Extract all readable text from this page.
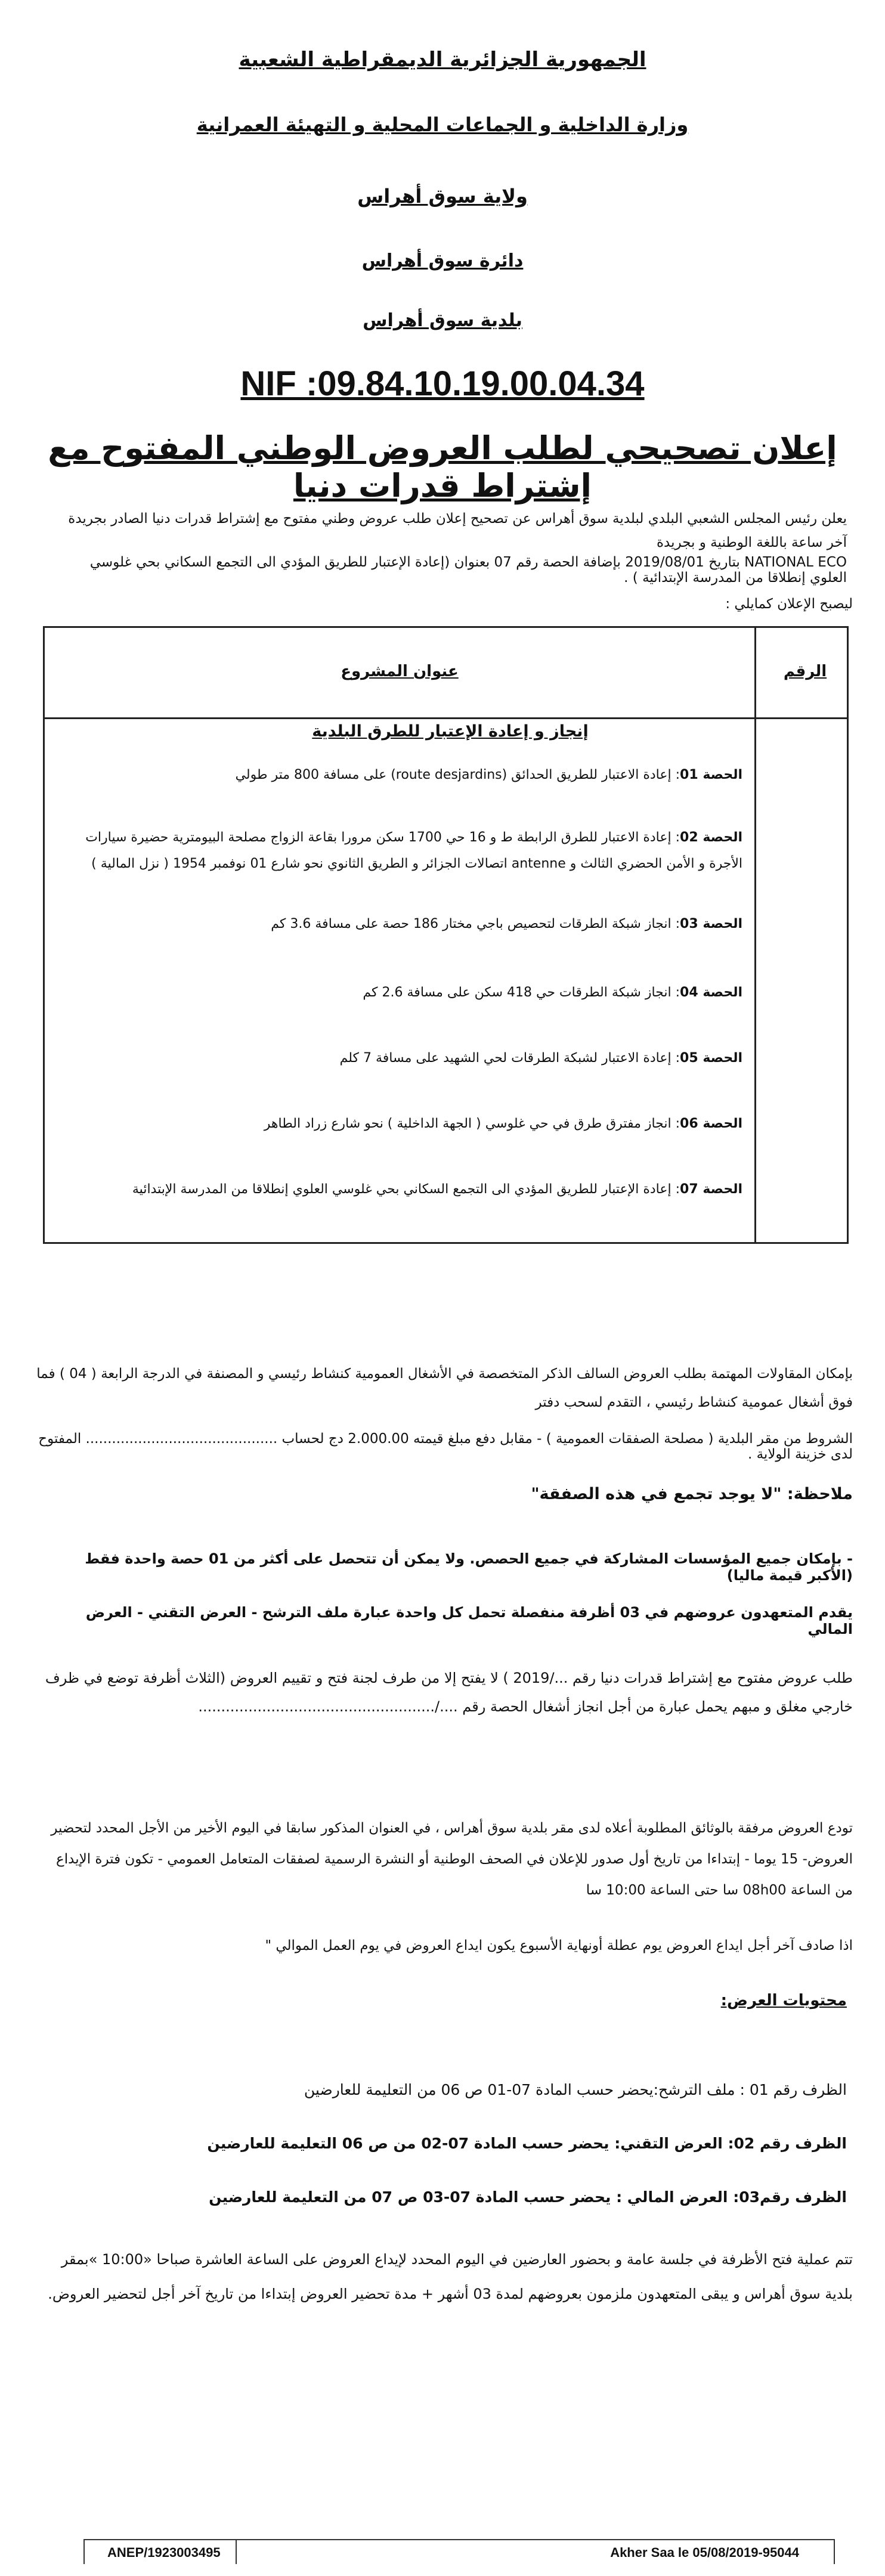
الجمهورية الجزائرية الديمقراطية الشعبية
وزارة الداخلية و الجماعات المحلية و التهيئة العمرانية
ولاية سوق أهراس
دائرة سوق أهراس
بلدية سوق أهراس
NIF :09.84.10.19.00.04.34
إعلان تصحيحي لطلب العروض الوطني المفتوح مع إشتراط قدرات دنيا
يعلن رئيس المجلس الشعبي البلدي لبلدية سوق أهراس عن تصحيح إعلان طلب عروض وطني مفتوح مع إشتراط قدرات دنيا الصادر بجريدة آخر ساعة باللغة الوطنية و بجريدة
NATIONAL ECO بتاريخ 2019/08/01 بإضافة الحصة رقم 07 بعنوان (إعادة الإعتبار للطريق المؤدي الى التجمع السكاني بحي غلوسي العلوي إنطلاقا من المدرسة الإبتدائية ) .
ليصبح الإعلان كمايلي :
الرقم
عنوان المشروع
إنجاز و إعادة الإعتبار للطرق البلدية
الحصة 01: إعادة الاعتبار للطريق الحدائق (route desjardins) على مسافة 800 متر طولي
الحصة 02: إعادة الاعتبار للطرق الرابطة ط و 16 حي 1700 سكن مرورا بقاعة الزواج مصلحة البيومترية حضيرة سيارات الأجرة و الأمن الحضري الثالث و antenne اتصالات الجزائر و الطريق الثانوي نحو شارع 01 نوفمبر 1954 ( نزل المالية )
الحصة 03: انجاز شبكة الطرقات لتحصيص باجي مختار 186 حصة على مسافة 3.6 كم
الحصة 04: انجاز شبكة الطرقات حي 418 سكن على مسافة 2.6 كم
الحصة 05: إعادة الاعتبار لشبكة الطرقات لحي الشهيد على مسافة 7 كلم
الحصة 06: انجاز مفترق طرق في حي غلوسي ( الجهة الداخلية ) نحو شارع زراد الطاهر
الحصة 07: إعادة الإعتبار للطريق المؤدي الى التجمع السكاني بحي غلوسي العلوي إنطلاقا من المدرسة الإبتدائية
بإمكان المقاولات المهتمة بطلب العروض السالف الذكر المتخصصة في الأشغال العمومية كنشاط رئيسي و المصنفة في الدرجة الرابعة ( 04 ) فما فوق أشغال عمومية كنشاط رئيسي ، التقدم لسحب دفتر
الشروط من مقر البلدية ( مصلحة الصفقات العمومية ) - مقابل دفع مبلغ قيمته 2.000.00 دج لحساب ............................................ المفتوح لدى خزينة الولاية .
ملاحظة: "لا يوجد تجمع في هذه الصفقة"
- بإمكان جميع المؤسسات المشاركة في جميع الحصص. ولا يمكن أن تتحصل على أكثر من 01 حصة واحدة فقط (الأكبر قيمة ماليا)
يقدم المتعهدون عروضهم في 03 أظرفة منفصلة تحمل كل واحدة عبارة ملف الترشح - العرض التقني - العرض المالي
طلب عروض مفتوح مع إشتراط قدرات دنيا رقم .../2019 ) لا يفتح إلا من طرف لجنة فتح و تقييم العروض (الثلاث أظرفة توضع في ظرف خارجي مغلق و مبهم يحمل عبارة من أجل انجاز أشغال الحصة رقم ..../....................................................
تودع العروض مرفقة بالوثائق المطلوبة أعلاه لدى مقر بلدية سوق أهراس ، في العنوان المذكور سابقا في اليوم الأخير من الأجل المحدد لتحضير العروض- 15 يوما - إبتداءا من تاريخ أول صدور للإعلان في الصحف الوطنية أو النشرة الرسمية لصفقات المتعامل العمومي - تكون فترة الإيداع من الساعة 08h00 سا حتى الساعة 10:00 سا
اذا صادف آخر أجل ايداع العروض يوم عطلة أونهاية الأسبوع يكون ايداع العروض في يوم العمل الموالي "
محتويات العرض:
الظرف رقم 01 : ملف الترشح:يحضر حسب المادة 07-01 ص 06 من التعليمة للعارضين
الظرف رقم 02: العرض التقني: يحضر حسب المادة 07-02 من ص 06 التعليمة للعارضين
الظرف رقم03: العرض المالي : يحضر حسب المادة 07-03 ص 07 من التعليمة للعارضين
تتم عملية فتح الأظرفة في جلسة عامة و بحضور العارضين في اليوم المحدد لإيداع العروض على الساعة العاشرة صباحا «10:00 »بمقر بلدية سوق أهراس و يبقى المتعهدون ملزمون بعروضهم لمدة 03 أشهر + مدة تحضير العروض إبتداءا من تاريخ آخر أجل لتحضير العروض.
ANEP/1923003495	Akher Saa le 05/08/2019-95044
